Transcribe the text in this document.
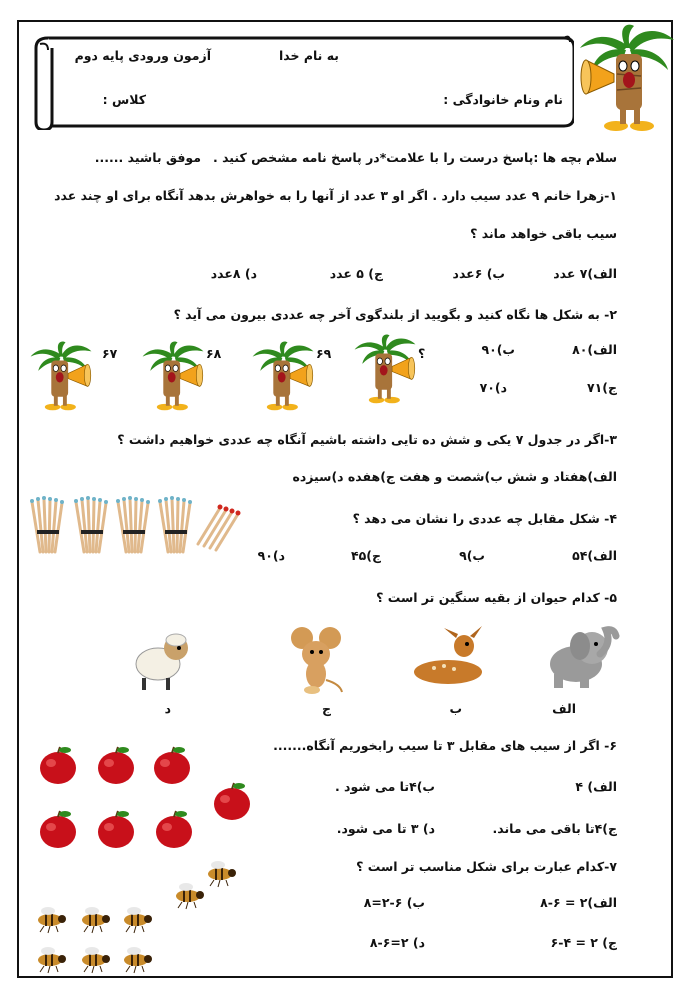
به نام خدا
آزمون ورودی پایه دوم
نام ونام خانوادگی :
کلاس :
سلام بچه ها :پاسخ درست را با علامت*در پاسخ نامه مشخص کنید .
موفق باشید ......
۱-زهرا خانم ۹ عدد سیب دارد . اگر او ۳ عدد از آنها را به خواهرش بدهد آنگاه برای او چند عدد
سیب باقی خواهد ماند ؟
الف)۷ عدد
ب) ۶عدد
ج) ۵ عدد
د) ۸عدد
۲- به شکل ها نگاه کنید و بگویید از بلندگوی آخر چه عددی بیرون می آید ؟
؟
۶۹
۶۸
۶۷	الف)۸۰
ب)۹۰
ج)۷۱
د)۷۰
۳-اگر در جدول ۷ یکی و شش ده تایی داشته باشیم آنگاه چه عددی خواهیم داشت ؟
الف)هفتاد و شش ب)شصت و هفت ج)هفده د)سیزده
۴- شکل مقابل چه عددی را نشان می دهد ؟
الف)۵۴
ب)۹
ج)۴۵
د)۹۰
۵- کدام حیوان از بقیه سنگین تر است ؟
الف
ب
ج
د
۶- اگر از سیب های مقابل ۳ تا سیب رابخوریم آنگاه.......
الف) ۴
ب)۴تا می شود .
ج)۴تا باقی می ماند.
د) ۳ تا می شود.
۷-کدام عبارت برای شکل مناسب تر است ؟
الف)۲ = ۶-۸
ب) ۶-۲=۸
ج) ۲ = ۴-۶
د) ۲=۶-۸
